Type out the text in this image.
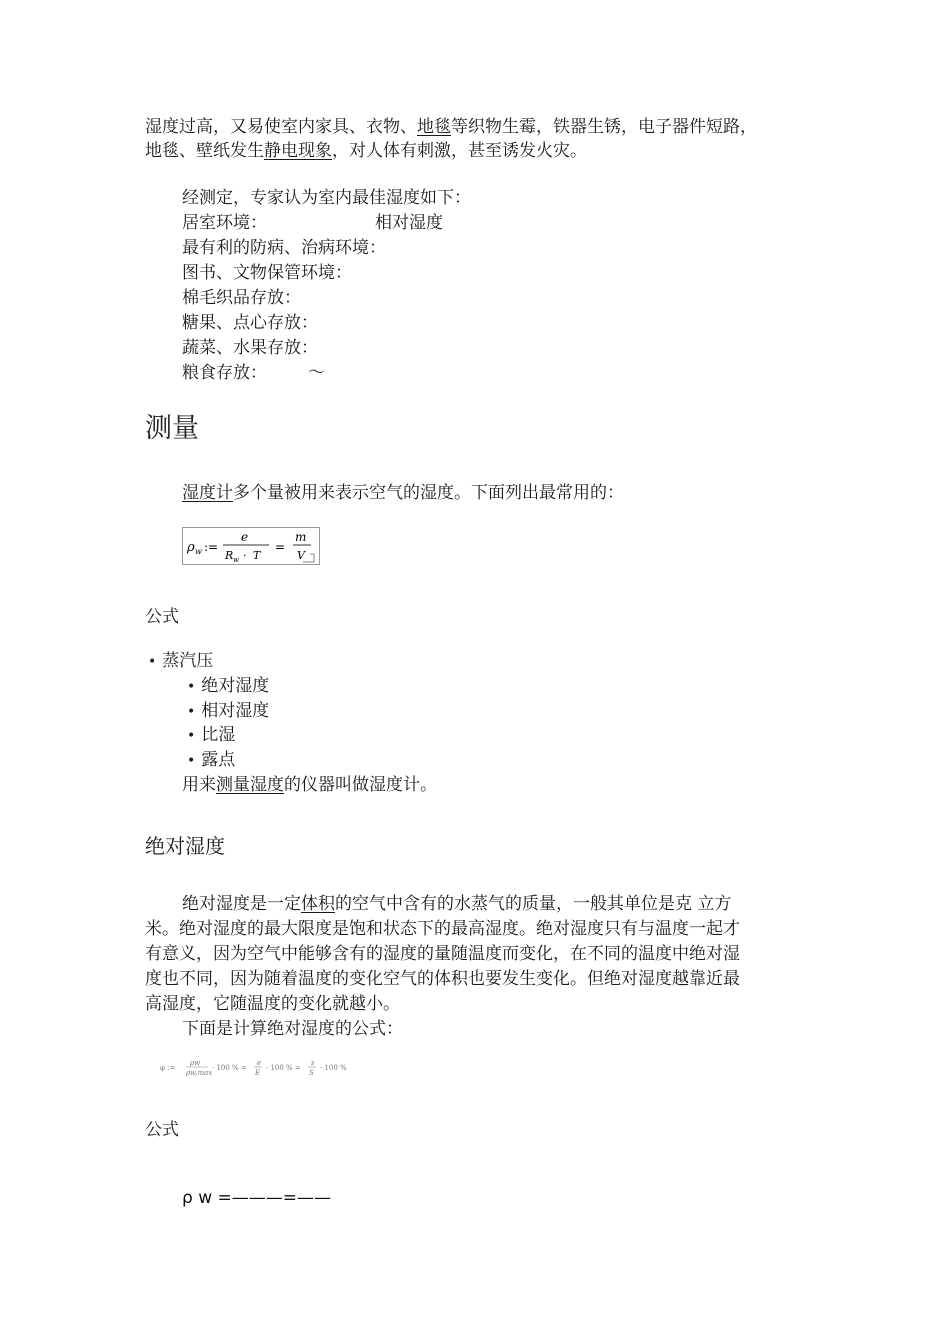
湿度过高，又易使室内家具、衣物、地毯等织物生霉，铁器生锈，电子器件短路，
地毯、壁纸发生静电现象，对人体有刺激，甚至诱发火灾。
经测定，专家认为室内最佳湿度如下：
居室环境：	相对湿度
最有利的防病、治病环境：
图书、文物保管环境：
棉毛织品存放：
糖果、点心存放：
蔬菜、水果存放：
粮食存放： ～
测量
湿度计多个量被用来表示空气的湿度。下面列出最常用的：
ρ w :=
e
R w · T
=
m
V
公式
• 蒸汽压
• 绝对湿度
• 相对湿度
• 比湿
• 露点
用来测量湿度的仪器叫做湿度计。
绝对湿度
绝对湿度是一定体积的空气中含有的水蒸气的质量，一般其单位是克 立方
米。绝对湿度的最大限度是饱和状态下的最高湿度。绝对湿度只有与温度一起才
有意义，因为空气中能够含有的湿度的量随温度而变化，在不同的温度中绝对湿
度也不同，因为随着温度的变化空气的体积也要发生变化。但绝对湿度越靠近最
高湿度，它随温度的变化就越小。
下面是计算绝对湿度的公式：
φ :=
ρw
ρw,max
· 100 % =
e
E
· 100 % =
s
S
· 100 %
公式
ρ w =———=——
